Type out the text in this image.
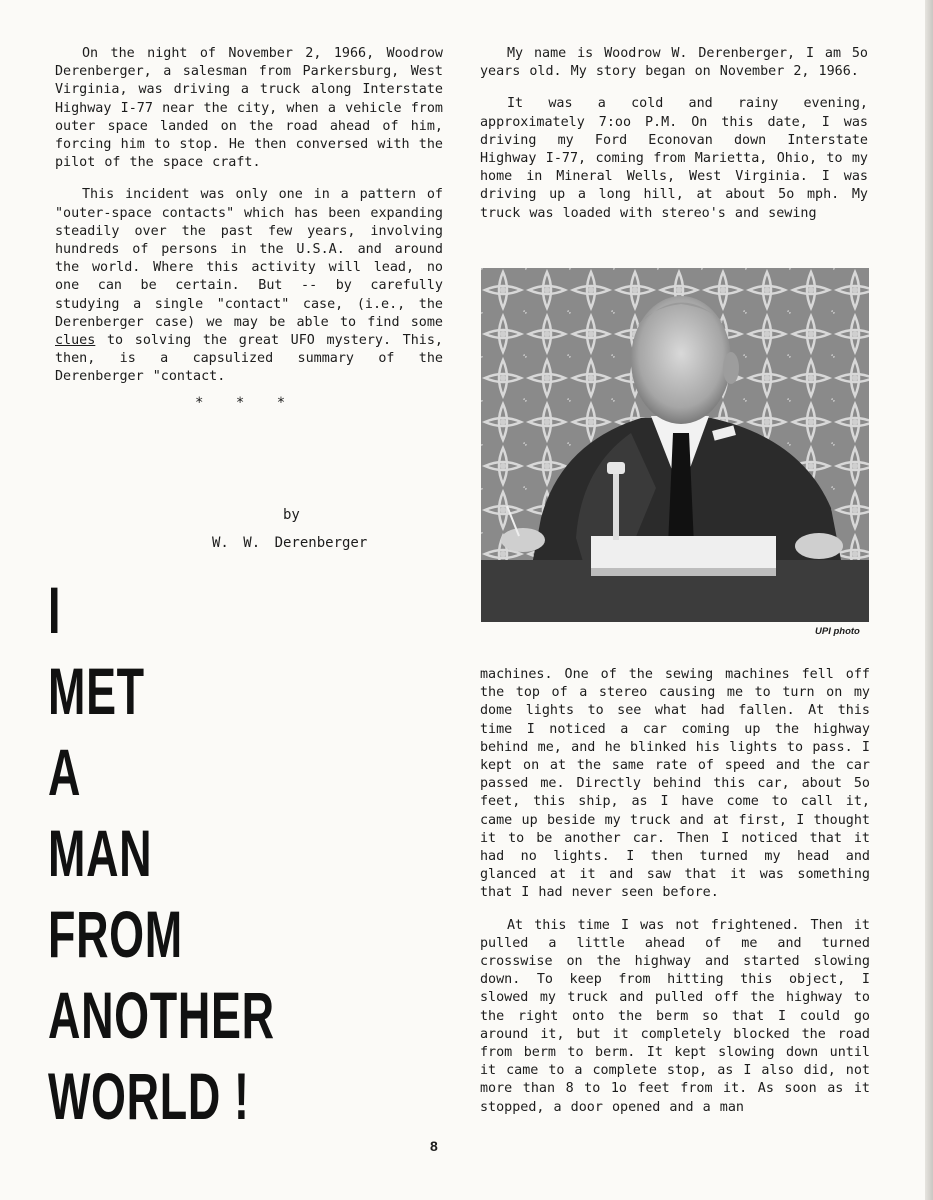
On the night of November 2, 1966, Woodrow Derenberger, a salesman from Parkersburg, West Virginia, was driving a truck along Interstate Highway I-77 near the city, when a vehicle from outer space landed on the road ahead of him, forcing him to stop. He then conversed with the pilot of the space craft.

This incident was only one in a pattern of "outer-space contacts" which has been expanding steadily over the past few years, involving hundreds of persons in the U.S.A. and around the world. Where this activity will lead, no one can be certain. But -- by carefully studying a single "contact" case, (i.e., the Derenberger case) we may be able to find some clues to solving the great UFO mystery. This, then, is a capsulized summary of the Derenberger "contact.

* * *
by
W. W. Derenberger
I
MET
A
MAN
FROM
ANOTHER
WORLD !

My name is Woodrow W. Derenberger, I am 5o years old. My story began on November 2, 1966.

It was a cold and rainy evening, approximately 7:oo P.M. On this date, I was driving my Ford Econovan down Interstate Highway I-77, coming from Marietta, Ohio, to my home in Mineral Wells, West Virginia. I was driving up a long hill, at about 5o mph. My truck was loaded with stereo's and sewing

UPI photo

machines. One of the sewing machines fell off the top of a stereo causing me to turn on my dome lights to see what had fallen. At this time I noticed a car coming up the highway behind me, and he blinked his lights to pass. I kept on at the same rate of speed and the car passed me. Directly behind this car, about 5o feet, this ship, as I have come to call it, came up beside my truck and at first, I thought it to be another car. Then I noticed that it had no lights. I then turned my head and glanced at it and saw that it was something that I had never seen before.

At this time I was not frightened. Then it pulled a little ahead of me and turned crosswise on the highway and started slowing down. To keep from hitting this object, I slowed my truck and pulled off the highway to the right onto the berm so that I could go around it, but it completely blocked the road from berm to berm. It kept slowing down until it came to a complete stop, as I also did, not more than 8 to 1o feet from it. As soon as it stopped, a door opened and a man

8
